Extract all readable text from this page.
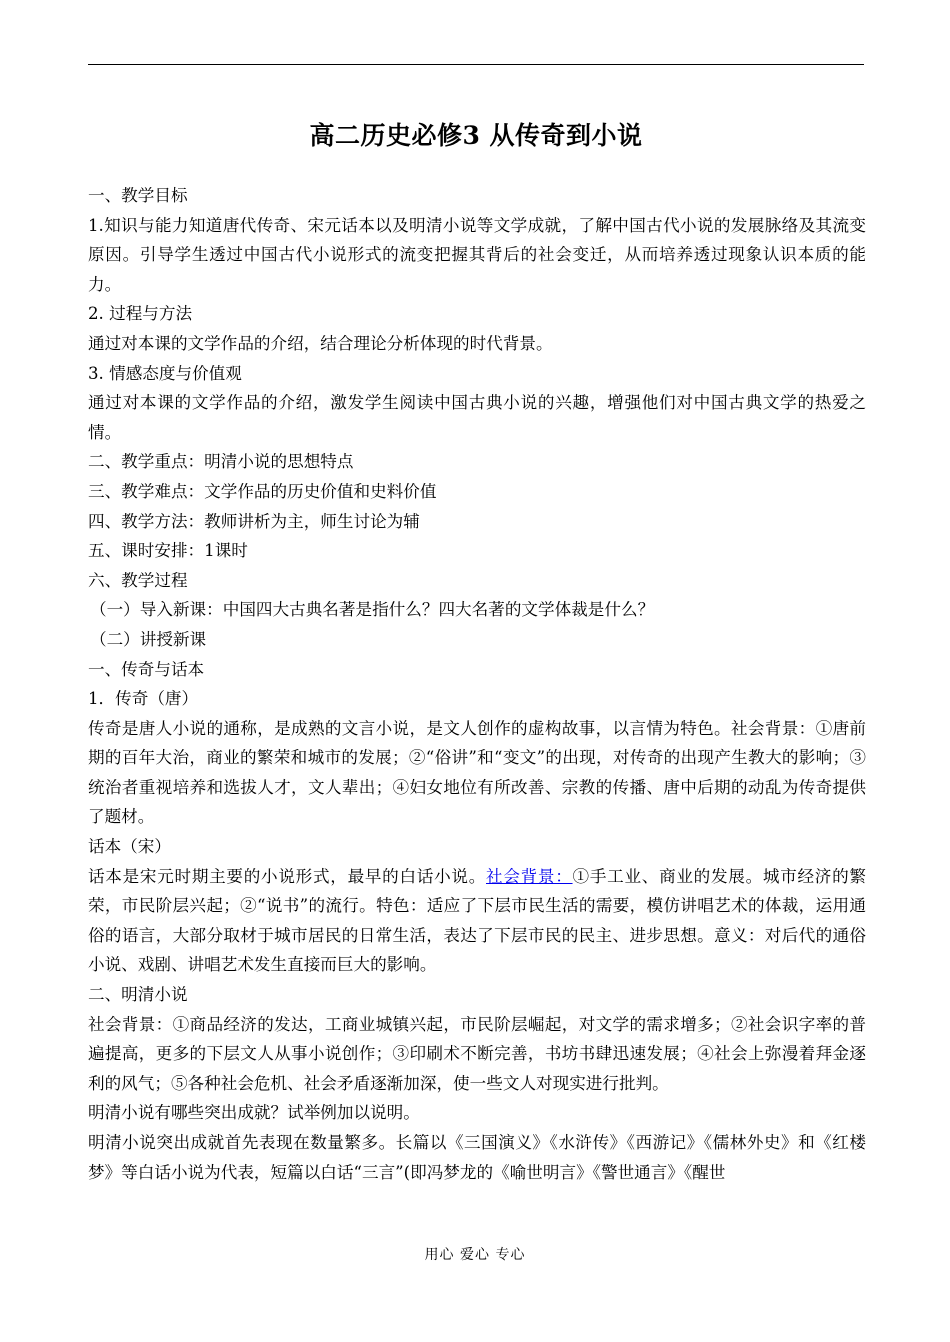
高二历史必修3 从传奇到小说

一、教学目标

1.知识与能力知道唐代传奇、宋元话本以及明清小说等文学成就，了解中国古代小说的发展脉络及其流变原因。引导学生透过中国古代小说形式的流变把握其背后的社会变迁，从而培养透过现象认识本质的能力。

2. 过程与方法

通过对本课的文学作品的介绍，结合理论分析体现的时代背景。

3. 情感态度与价值观

通过对本课的文学作品的介绍，激发学生阅读中国古典小说的兴趣，增强他们对中国古典文学的热爱之情。

二、教学重点：明清小说的思想特点

三、教学难点：文学作品的历史价值和史料价值

四、教学方法：教师讲析为主，师生讨论为辅

五、课时安排：1课时

六、教学过程

（一）导入新课：中国四大古典名著是指什么？四大名著的文学体裁是什么？

（二）讲授新课

一、传奇与话本

1．传奇（唐）

传奇是唐人小说的通称，是成熟的文言小说，是文人创作的虚构故事，以言情为特色。社会背景：①唐前期的百年大治，商业的繁荣和城市的发展；②“俗讲”和“变文”的出现，对传奇的出现产生教大的影响；③统治者重视培养和选拔人才，文人辈出；④妇女地位有所改善、宗教的传播、唐中后期的动乱为传奇提供了题材。

话本（宋）

话本是宋元时期主要的小说形式，最早的白话小说。社会背景：①手工业、商业的发展。城市经济的繁荣，市民阶层兴起；②“说书”的流行。特色：适应了下层市民生活的需要，模仿讲唱艺术的体裁，运用通俗的语言，大部分取材于城市居民的日常生活，表达了下层市民的民主、进步思想。意义：对后代的通俗小说、戏剧、讲唱艺术发生直接而巨大的影响。

二、明清小说

社会背景：①商品经济的发达，工商业城镇兴起，市民阶层崛起，对文学的需求增多；②社会识字率的普遍提高，更多的下层文人从事小说创作；③印刷术不断完善，书坊书肆迅速发展；④社会上弥漫着拜金逐利的风气；⑤各种社会危机、社会矛盾逐渐加深，使一些文人对现实进行批判。

明清小说有哪些突出成就？试举例加以说明。

明清小说突出成就首先表现在数量繁多。长篇以《三国演义》《水浒传》《西游记》《儒林外史》和《红楼梦》等白话小说为代表，短篇以白话“三言”(即冯梦龙的《喻世明言》《警世通言》《醒世

用心 爱心 专心
